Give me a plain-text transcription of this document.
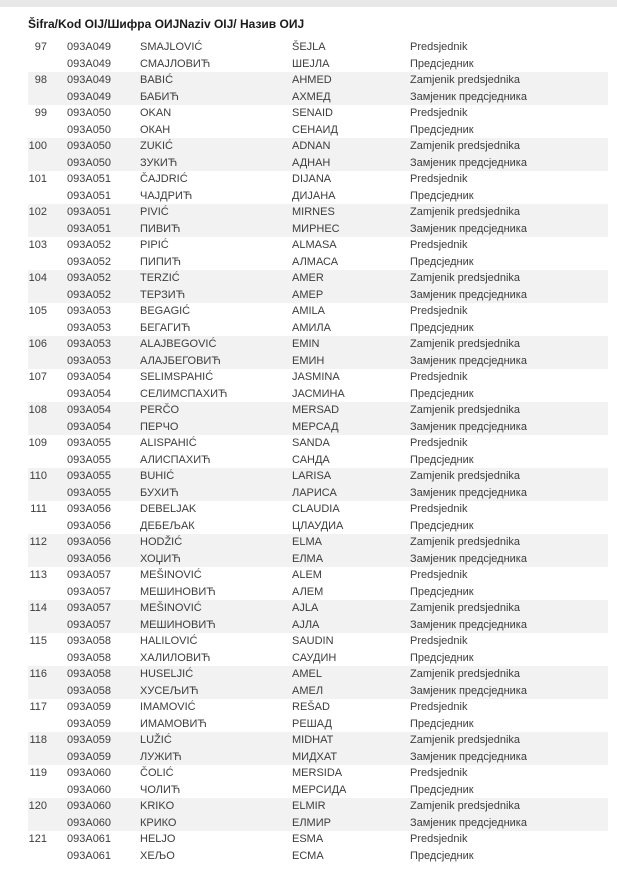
Šifra/Kod OIJ/Шифра ОИЈ Naziv OIJ/ Назив ОИЈ
97 093A049	SMAJLOVIĆ	ŠEJLA	Predsjednik
093A049	СМАЈЛОВИЋ	ШЕЈЛА	Предсједник
98 093A049	BABIĆ	AHMED	Zamjenik predsjednika
093A049	БАБИЋ	АХМЕД	Замјеник предсједника
99 093A050	OKAN	SENAID	Predsjednik
093A050	ОКАН	СЕНАИД	Предсједник
100 093A050	ZUKIĆ	ADNAN	Zamjenik predsjednika
093A050	ЗУКИЋ	АДНАН	Замјеник предсједника
101 093A051	ČAJDRIĆ	DIJANA	Predsjednik
093A051	ЧАЈДРИЋ	ДИЈАНА	Предсједник
102 093A051	PIVIĆ	MIRNES	Zamjenik predsjednika
093A051	ПИВИЋ	МИРНЕС	Замјеник предсједника
103 093A052	PIPIĆ	ALMASA	Predsjednik
093A052	ПИПИЋ	АЛМАСА	Предсједник
104 093A052	TERZIĆ	AMER	Zamjenik predsjednika
093A052	ТЕРЗИЋ	АМЕР	Замјеник предсједника
105 093A053	BEGAGIĆ	AMILA	Predsjednik
093A053	БЕГАГИЋ	АМИЛА	Предсједник
106 093A053	ALAJBEGOVIĆ	EMIN	Zamjenik predsjednika
093A053	АЛАЈБЕГОВИЋ	ЕМИН	Замјеник предсједника
107 093A054	SELIMSPAHIĆ	JASMINA	Predsjednik
093A054	СЕЛИМСПАХИЋ	ЈАСМИНА	Предсједник
108 093A054	PERČO	MERSAD	Zamjenik predsjednika
093A054	ПЕРЧО	МЕРСАД	Замјеник предсједника
109 093A055	ALISPAHIĆ	SANDA	Predsjednik
093A055	АЛИСПАХИЋ	САНДА	Предсједник
110 093A055	BUHIĆ	LARISA	Zamjenik predsjednika
093A055	БУХИЋ	ЛАРИСА	Замјеник предсједника
111 093A056	DEBELJAK	CLAUDIA	Predsjednik
093A056	ДЕБЕЉАК	ЦЛАУДИА	Предсједник
112 093A056	HODŽIĆ	ELMA	Zamjenik predsjednika
093A056	ХОЏИЋ	ЕЛМА	Замјеник предсједника
113 093A057	MEŠINOVIĆ	ALEM	Predsjednik
093A057	МЕШИНОВИЋ	АЛЕМ	Предсједник
114 093A057	MEŠINOVIĆ	AJLA	Zamjenik predsjednika
093A057	МЕШИНОВИЋ	АЈЛА	Замјеник предсједника
115 093A058	HALILOVIĆ	SAUDIN	Predsjednik
093A058	ХАЛИЛОВИЋ	САУДИН	Предсједник
116 093A058	HUSELJIĆ	AMEL	Zamjenik predsjednika
093A058	ХУСЕЉИЋ	АМЕЛ	Замјеник предсједника
117 093A059	IMAMOVIĆ	REŠAD	Predsjednik
093A059	ИМАМОВИЋ	РЕШАД	Предсједник
118 093A059	LUŽIĆ	MIDHAT	Zamjenik predsjednika
093A059	ЛУЖИЋ	МИДХАТ	Замјеник предсједника
119 093A060	ČOLIĆ	MERSIDA	Predsjednik
093A060	ЧОЛИЋ	МЕРСИДА	Предсједник
120 093A060	KRIKO	ELMIR	Zamjenik predsjednika
093A060	КРИКО	ЕЛМИР	Замјеник предсједника
121 093A061	HELJO	ESMA	Predsjednik
093A061	ХЕЉО	ЕСМА	Предсједник
